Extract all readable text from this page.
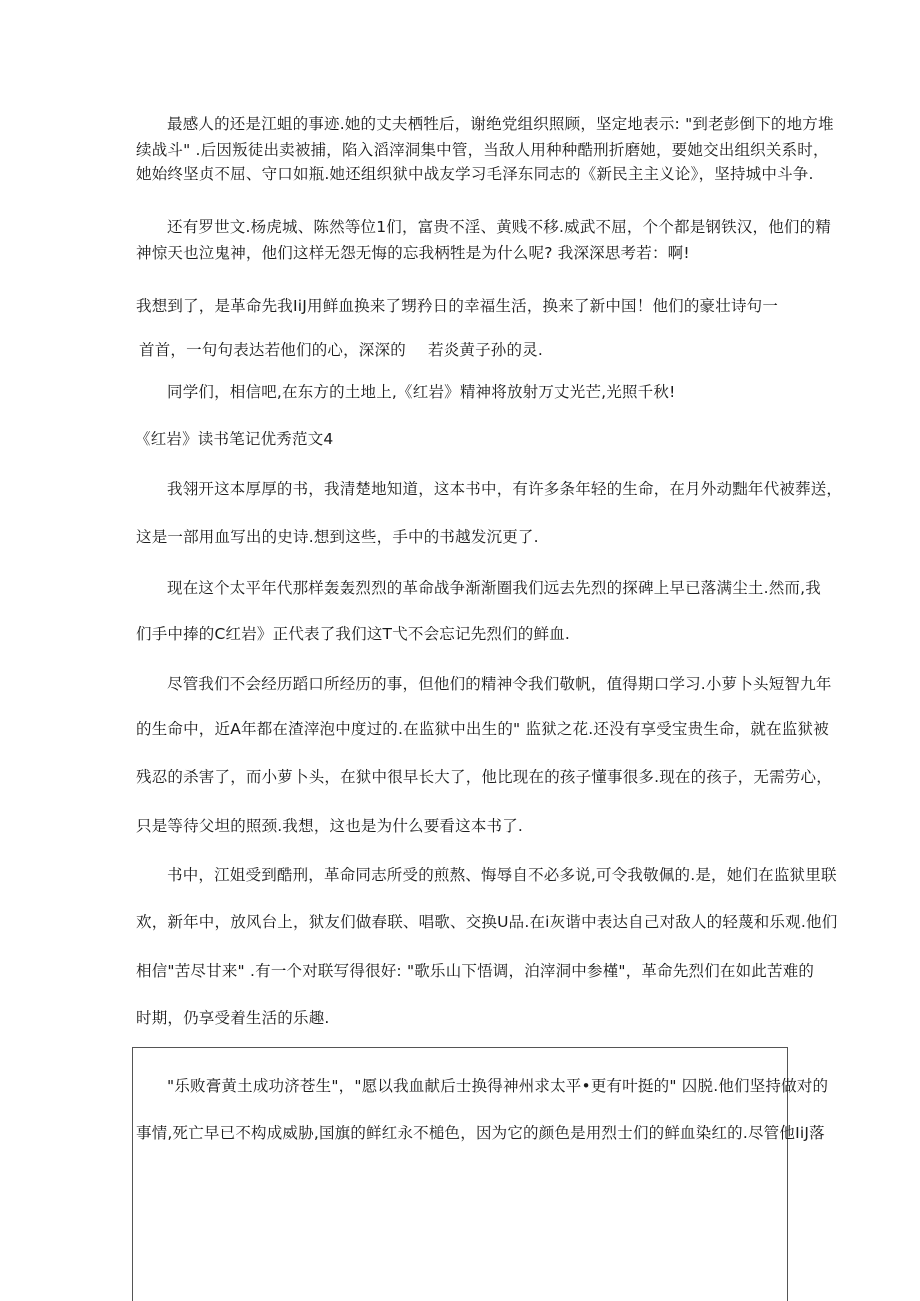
最感人的还是江蛆的事迹.她的丈夫栖牲后，谢绝党组织照顾，坚定地表示: "到老彭倒下的地方堆
续战斗" .后因叛徒出卖被捕，陷入滔滓洞集中管，当敌人用种种酷刑折磨她，要她交出组织关系时，
她始终坚贞不屈、守口如瓶.她还组织狱中战友学习毛泽东同志的《新民主主义论》，坚持城中斗争.
还有罗世文.杨虎城、陈然等位1们，富贵不淫、黄贱不移.威武不屈，个个都是钢铁汉，他们的精
神惊天也泣鬼神，他们这样无怨无悔的忘我柄牲是为什么呢? 我深深思考若：啊!
我想到了，是革命先我IiJ用鲜血换来了甥矜日的幸福生活，换来了新中国！他们的豪壮诗句一
首首，一句句表达若他们的心，深深的 若炎黄子孙的灵.
同学们，相信吧,在东方的土地上,《红岩》精神将放射万丈光芒,光照千秋!
《红岩》读书笔记优秀范文4
我翎开这本厚厚的书，我清楚地知道，这本书中，有许多条年轻的生命，在月外动黜年代被葬送，
这是一部用血写出的史诗.想到这些，手中的书越发沉更了.
现在这个太平年代那样轰轰烈烈的革命战争渐渐圈我们远去先烈的探碑上早已落满尘土.然而,我
们手中捧的C红岩》正代表了我们这T弋不会忘记先烈们的鲜血.
尽管我们不会经历蹈口所经历的事，但他们的精神令我们敬帆，值得期口学习.小萝卜头短智九年
的生命中，近A年都在渣滓泡中度过的.在监狱中出生的" 监狱之花.还没有享受宝贵生命，就在监狱被
残忍的杀害了，而小萝卜头，在狱中很早长大了，他比现在的孩子懂事很多.现在的孩子，无需劳心，
只是等待父坦的照颈.我想，这也是为什么要看这本书了.
书中，江姐受到酷刑，革命同志所受的煎熬、悔辱自不必多说,可令我敬佩的.是，她们在监狱里联
欢，新年中，放风台上，狱友们做春联、唱歌、交换U品.在i灰谐中表达自己对敌人的轻蔑和乐观.他们
相信"苦尽甘来" .有一个对联写得很好: "歌乐山下悟调，泊滓洞中参槿"，革命先烈们在如此苦难的
时期，仍享受着生活的乐趣.
"乐败膏黄土成功济苍生"，"愿以我血献后士换得神州求太平•更有叶挺的" 囚脱.他们坚持做对的
事情,死亡早已不构成威胁,国旗的鲜红永不槌色，因为它的颜色是用烈士们的鲜血染红的.尽管他IiJ落
